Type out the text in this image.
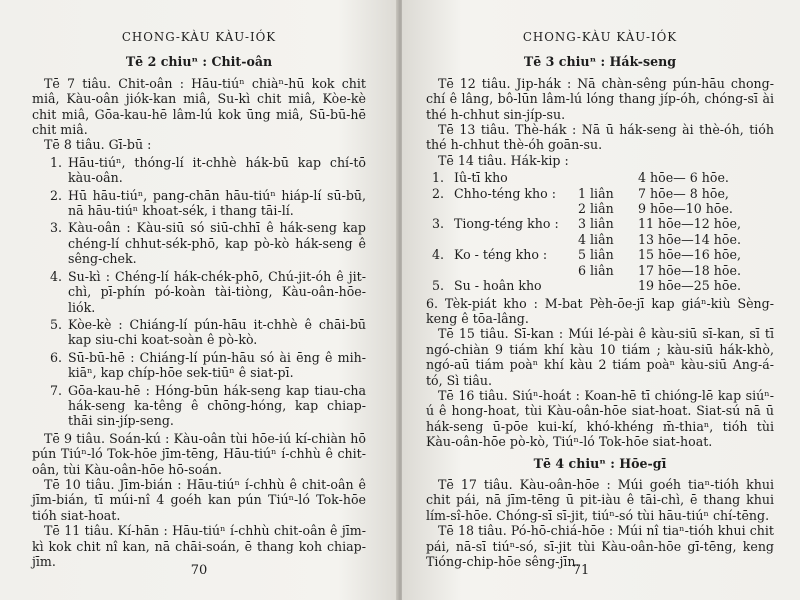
CHONG-KÀU KÀU-IÓK
Tē 2 chiuⁿ : Chit-oân

Tē 7 tiâu. Chit-oân : Hāu-tiúⁿ chiàⁿ-hū kok chit miâ, Kàu-oân jiók-kan miâ, Su-kì chit miâ, Kòe-kè chit miâ, Gōa-kau-hē lâm-lú kok ūng miâ, Sū-bū-hē chit miâ.

Tē 8 tiâu. Gī-bū :

1. Hāu-tiúⁿ, thóng-lí it-chhè hák-bū kap chí-tō kàu-oân.
2. Hū hāu-tiúⁿ, pang-chān hāu-tiúⁿ hiáp-lí sū-bū, nā hāu-tiúⁿ khoat-sék, i thang tāi-lí.
3. Kàu-oân : Kàu-siū só siū-chhī ê hák-seng kap chéng-lí chhut-sék-phō, kap pò-kò hák-seng ê sêng-chek.
4. Su-kì : Chéng-lí hák-chék-phō, Chú-jit-óh ê jit-chì, pī-phín pó-koàn tài-tiòng, Kàu-oân-hōe-liók.
5. Kòe-kè : Chiáng-lí pún-hāu it-chhè ê chāi-bū kap siu-chi koat-soàn ê pò-kò.
6. Sū-bū-hē : Chiáng-lí pún-hāu só ài ēng ê mih-kiāⁿ, kap chíp-hōe sek-tiūⁿ ê siat-pī.
7. Gōa-kau-hē : Hóng-būn hák-seng kap tiau-cha hák-seng ka-têng ê chōng-hóng, kap chiap-thāi sin-jíp-seng.

Tē 9 tiâu. Soán-kú : Kàu-oân tùi hōe-iú kí-chiàn hō pún Tiúⁿ-ló Tok-hōe jīm-tēng, Hāu-tiúⁿ í-chhù ê chit-oân, tùi Kàu-oân-hōe hō-soán.

Tē 10 tiâu. Jīm-bián : Hāu-tiúⁿ í-chhù ê chit-oân ê jīm-bián, tī múi-nî 4 goéh kan pún Tiúⁿ-ló Tok-hōe tióh siat-hoat.

Tē 11 tiâu. Kí-hān : Hāu-tiúⁿ í-chhù chit-oân ê jīm-kì kok chit nî kan, nā chāi-soán, ē thang koh chiap-jīm.

70
CHONG-KÀU KÀU-IÓK
Tē 3 chiuⁿ : Hák-seng

Tē 12 tiâu. Jip-hák : Nā chàn-sêng pún-hāu chong-chí ê lâng, bô-lūn lâm-lú lóng thang jíp-óh, chóng-sī ài thé h-chhut sin-jíp-su.

Tē 13 tiâu. Thè-hák : Nā ū hák-seng ài thè-óh, tióh thé h-chhut thè-óh goān-su.

Tē 14 tiâu. Hák-kip :

1. Iû-tī kho	4 hōe— 6 hōe.
2. Chho-téng kho :	1 liân	7 hōe— 8 hōe,
2 liân	9 hōe—10 hōe.
3. Tiong-téng kho :	3 liân	11 hōe—12 hōe,
4 liân	13 hōe—14 hōe.
4. Ko - téng kho :	5 liân	15 hōe—16 hōe,
6 liân	17 hōe—18 hōe.
5. Su - hoân kho	19 hōe—25 hōe.

6. Tèk-piát kho : M-bat Pèh-ōe-jī kap giáⁿ-kiù Sèng-keng ê tōa-lâng.

Tē 15 tiâu. Sī-kan : Múi lé-pài ê kàu-siū sī-kan, sī tī ngó-chiàn 9 tiám khí kàu 10 tiám ; kàu-siū hák-khò, ngó-aū tiám poàⁿ khí kàu 2 tiám poàⁿ kàu-siū Ang-á-tó, Sì tiâu.

Tē 16 tiâu. Siúⁿ-hoát : Koan-hē tī chióng-lē kap siúⁿ-ú ê hong-hoat, tùi Kàu-oân-hōe siat-hoat. Siat-sú nā ū hák-seng ū-pōe kui-kí, khó-khéng m̄-thiaⁿ, tióh tùi Kàu-oân-hōe pò-kò, Tiúⁿ-ló Tok-hōe siat-hoat.

Tē 4 chiuⁿ : Hōe-gī

Tē 17 tiâu. Kàu-oân-hōe : Múi goéh tiaⁿ-tióh khui chit pái, nā jīm-tēng ū pit-iàu ê tāi-chì, ē thang khui lím-sî-hōe. Chóng-sī sī-jit, tiúⁿ-só tùi hāu-tiúⁿ chí-tēng.

Tē 18 tiâu. Pó-hō-chiá-hōe : Múi nî tiaⁿ-tióh khui chit pái, nā-sī tiúⁿ-só, sī-jit tùi Kàu-oân-hōe gī-tēng, keng Tióng-chip-hōe sêng-jīn.

71
